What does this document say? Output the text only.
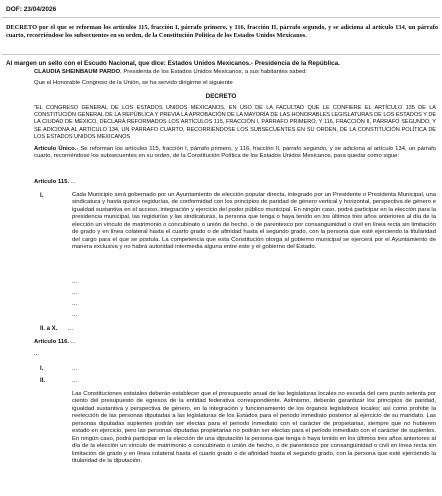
DOF: 23/04/2026

DECRETO por el que se reforman los artículos 115, fracción I, párrafo primero, y 116, fracción II, párrafo segundo, y se adiciona al artículo 134, un párrafo cuarto, recorriéndose los subsecuentes en su orden, de la Constitución Política de los Estados Unidos Mexicanos.

Al margen un sello con el Escudo Nacional, que dice: Estados Unidos Mexicanos.- Presidencia de la República.

CLAUDIA SHEINBAUM PARDO, Presidenta de los Estados Unidos Mexicanos, a sus habitantes sabed:

Que el Honorable Congreso de la Unión, se ha servido dirigirme el siguiente

DECRETO

"EL CONGRESO GENERAL DE LOS ESTADOS UNIDOS MEXICANOS, EN USO DE LA FACULTAD QUE LE CONFIERE EL ARTÍCULO 135 DE LA CONSTITUCIÓN GENERAL DE LA REPÚBLICA Y PREVIA LA APROBACIÓN DE LA MAYORÍA DE LAS HONORABLES LEGISLATURAS DE LOS ESTADOS Y DE LA CIUDAD DE MÉXICO, DECLARA REFORMADOS LOS ARTÍCULOS 115, FRACCIÓN I, PÁRRAFO PRIMERO, Y 116, FRACCIÓN II, PÁRRAFO SEGUNDO, Y SE ADICIONA AL ARTÍCULO 134, UN PÁRRAFO CUARTO, RECORRIÉNDOSE LOS SUBSECUENTES EN SU ORDEN, DE LA CONSTITUCIÓN POLÍTICA DE LOS ESTADOS UNIDOS MEXICANOS

Artículo Único.- Se reforman los artículos 115, fracción I, párrafo primero, y 116, fracción II, párrafo segundo, y se adiciona al artículo 134, un párrafo cuarto, recorriéndose los subsecuentes en su orden, de la Constitución Política de los Estados Unidos Mexicanos, para quedar como sigue:

Artículo 115. ...

I.	Cada Municipio será gobernado por un Ayuntamiento de elección popular directa, integrado por un Presidente o Presidenta Municipal, una sindicatura y hasta quince regidurías, de conformidad con los principios de paridad de género vertical y horizontal, perspectiva de género e igualdad sustantiva en el acceso, integración y ejercicio del poder público municipal. En ningún caso, podrá participar en la elección para la presidencia municipal, las regidurías y las sindicaturas, la persona que tenga o haya tenido en los últimos tres años anteriores al día de la elección un vínculo de matrimonio o concubinato o unión de hecho, o de parentesco por consanguinidad o civil en línea recta sin limitación de grado y en línea colateral hasta el cuarto grado o de afinidad hasta el segundo grado, con la persona que esté ejerciendo la titularidad del cargo para el que se postula. La competencia que esta Constitución otorga al gobierno municipal se ejercerá por el Ayuntamiento de manera exclusiva y no habrá autoridad intermedia alguna entre este y el gobierno del Estado.

...
...
...
...
II. a X. ...

Artículo 116. ...

...
I.	...
II.	...

Las Constituciones estatales deberán establecer que el presupuesto anual de las legislaturas locales no exceda del cero punto setenta por ciento del presupuesto de egresos de la entidad federativa correspondiente. Asimismo, deberán garantizar los principios de paridad, igualdad sustantiva y perspectiva de género, en la integración y funcionamiento de los órganos legislativos locales; así como prohibir la reelección de las personas diputadas a las legislaturas de los Estados para el periodo inmediato posterior al ejercicio de su mandato. Las personas diputadas suplentes podrán ser electas para el periodo inmediato con el carácter de propietarias, siempre que no hubieren estado en ejercicio, pero las personas diputadas propietarias no podrán ser electas para el periodo inmediato con el carácter de suplentes. En ningún caso, podrá participar en la elección de una diputación la persona que tenga o haya tenido en los últimos tres años anteriores al día de la elección un vínculo de matrimonio o concubinato o unión de hecho, o de parentesco por consanguinidad o civil en línea recta sin limitación de grado y en línea colateral hasta el cuarto grado o de afinidad hasta el segundo grado, con la persona que esté ejerciendo la titularidad de la diputación.
